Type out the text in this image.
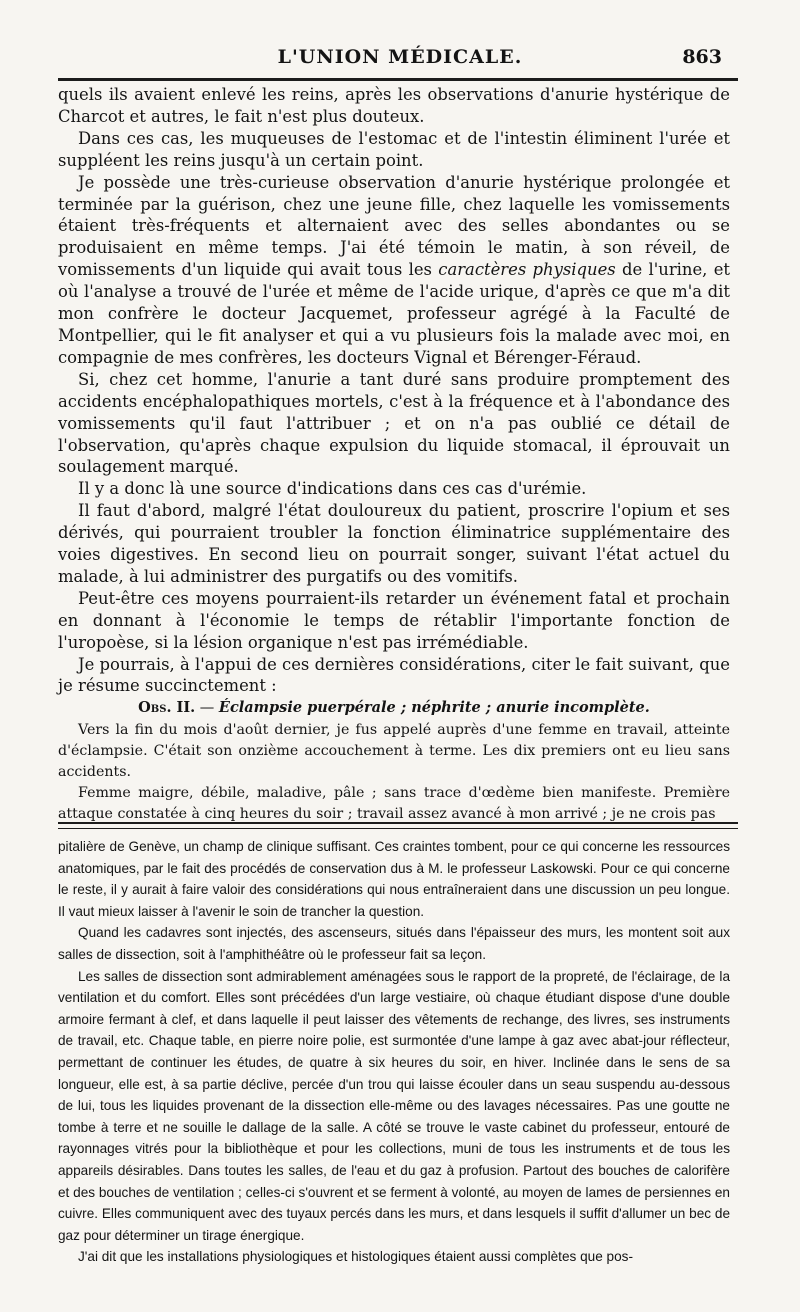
L'UNION MÉDICALE.	863

quels ils avaient enlevé les reins, après les observations d'anurie hystérique de Charcot et autres, le fait n'est plus douteux.

Dans ces cas, les muqueuses de l'estomac et de l'intestin éliminent l'urée et suppléent les reins jusqu'à un certain point.

Je possède une très-curieuse observation d'anurie hystérique prolongée et terminée par la guérison, chez une jeune fille, chez laquelle les vomissements étaient très-fréquents et alternaient avec des selles abondantes ou se produisaient en même temps. J'ai été témoin le matin, à son réveil, de vomissements d'un liquide qui avait tous les caractères physiques de l'urine, et où l'analyse a trouvé de l'urée et même de l'acide urique, d'après ce que m'a dit mon confrère le docteur Jacquemet, professeur agrégé à la Faculté de Montpellier, qui le fit analyser et qui a vu plusieurs fois la malade avec moi, en compagnie de mes confrères, les docteurs Vignal et Bérenger-Féraud.

Si, chez cet homme, l'anurie a tant duré sans produire promptement des accidents encéphalopathiques mortels, c'est à la fréquence et à l'abondance des vomissements qu'il faut l'attribuer ; et on n'a pas oublié ce détail de l'observation, qu'après chaque expulsion du liquide stomacal, il éprouvait un soulagement marqué.

Il y a donc là une source d'indications dans ces cas d'urémie.

Il faut d'abord, malgré l'état douloureux du patient, proscrire l'opium et ses dérivés, qui pourraient troubler la fonction éliminatrice supplémentaire des voies digestives. En second lieu on pourrait songer, suivant l'état actuel du malade, à lui administrer des purgatifs ou des vomitifs.

Peut-être ces moyens pourraient-ils retarder un événement fatal et prochain en donnant à l'économie le temps de rétablir l'importante fonction de l'uropoèse, si la lésion organique n'est pas irrémédiable.

Je pourrais, à l'appui de ces dernières considérations, citer le fait suivant, que je résume succinctement :

Obs. II. — Éclampsie puerpérale ; néphrite ; anurie incomplète.

Vers la fin du mois d'août dernier, je fus appelé auprès d'une femme en travail, atteinte d'éclampsie. C'était son onzième accouchement à terme. Les dix premiers ont eu lieu sans accidents.

Femme maigre, débile, maladive, pâle ; sans trace d'œdème bien manifeste. Première attaque constatée à cinq heures du soir ; travail assez avancé à mon arrivé ; je ne crois pas

pitalière de Genève, un champ de clinique suffisant. Ces craintes tombent, pour ce qui concerne les ressources anatomiques, par le fait des procédés de conservation dus à M. le professeur Laskowski. Pour ce qui concerne le reste, il y aurait à faire valoir des considérations qui nous entraîneraient dans une discussion un peu longue. Il vaut mieux laisser à l'avenir le soin de trancher la question.

Quand les cadavres sont injectés, des ascenseurs, situés dans l'épaisseur des murs, les montent soit aux salles de dissection, soit à l'amphithéâtre où le professeur fait sa leçon.

Les salles de dissection sont admirablement aménagées sous le rapport de la propreté, de l'éclairage, de la ventilation et du comfort. Elles sont précédées d'un large vestiaire, où chaque étudiant dispose d'une double armoire fermant à clef, et dans laquelle il peut laisser des vêtements de rechange, des livres, ses instruments de travail, etc. Chaque table, en pierre noire polie, est surmontée d'une lampe à gaz avec abat-jour réflecteur, permettant de continuer les études, de quatre à six heures du soir, en hiver. Inclinée dans le sens de sa longueur, elle est, à sa partie déclive, percée d'un trou qui laisse écouler dans un seau suspendu au-dessous de lui, tous les liquides provenant de la dissection elle-même ou des lavages nécessaires. Pas une goutte ne tombe à terre et ne souille le dallage de la salle. A côté se trouve le vaste cabinet du professeur, entouré de rayonnages vitrés pour la bibliothèque et pour les collections, muni de tous les instruments et de tous les appareils désirables. Dans toutes les salles, de l'eau et du gaz à profusion. Partout des bouches de calorifère et des bouches de ventilation ; celles-ci s'ouvrent et se ferment à volonté, au moyen de lames de persiennes en cuivre. Elles communiquent avec des tuyaux percés dans les murs, et dans lesquels il suffit d'allumer un bec de gaz pour déterminer un tirage énergique.

J'ai dit que les installations physiologiques et histologiques étaient aussi complètes que pos-
